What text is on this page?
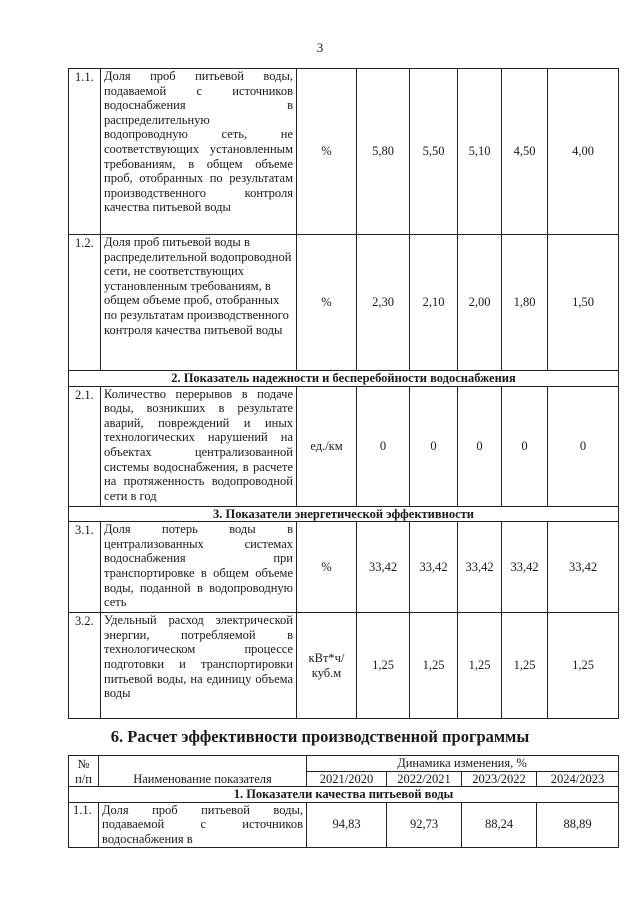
3
1.1.	Доля проб питьевой воды, подаваемой с источников водоснабжения в распределительную водопроводную сеть, не соответствующих установленным требованиям, в общем объеме проб, отобранных по результатам производственного контроля качества питьевой воды	%	5,80	5,50	5,10	4,50	4,00
1.2.	Доля проб питьевой воды в распределительной водопроводной сети, не соответствующих установленным требованиям, в общем объеме проб, отобранных по результатам производственного контроля качества питьевой воды	%	2,30	2,10	2,00	1,80	1,50
2. Показатель надежности и бесперебойности водоснабжения							
2.1.	Количество перерывов в подаче воды, возникших в результате аварий, повреждений и иных технологических нарушений на объектах централизованной системы водоснабжения, в расчете на протяженность водопроводной сети в год	ед./км	0	0	0	0	0
3. Показатели энергетической эффективности							
3.1.	Доля потерь воды в централизованных системах водоснабжения при транспортировке в общем объеме воды, поданной в водопроводную сеть	%	33,42	33,42	33,42	33,42	33,42
3.2.	Удельный расход электрической энергии, потребляемой в технологическом процессе подготовки и транспортировки питьевой воды, на единицу объема воды	кВт*ч/ куб.м	1,25	1,25	1,25	1,25	1,25
6. Расчет эффективности производственной программы
№ п/п	Наименование показателя	Динамика изменения, %			
		2021/2020	2022/2021	2023/2022	2024/2023
1. Показатели качества питьевой воды					
1.1.	Доля проб питьевой воды, подаваемой с источников водоснабжения в	94,83	92,73	88,24	88,89
